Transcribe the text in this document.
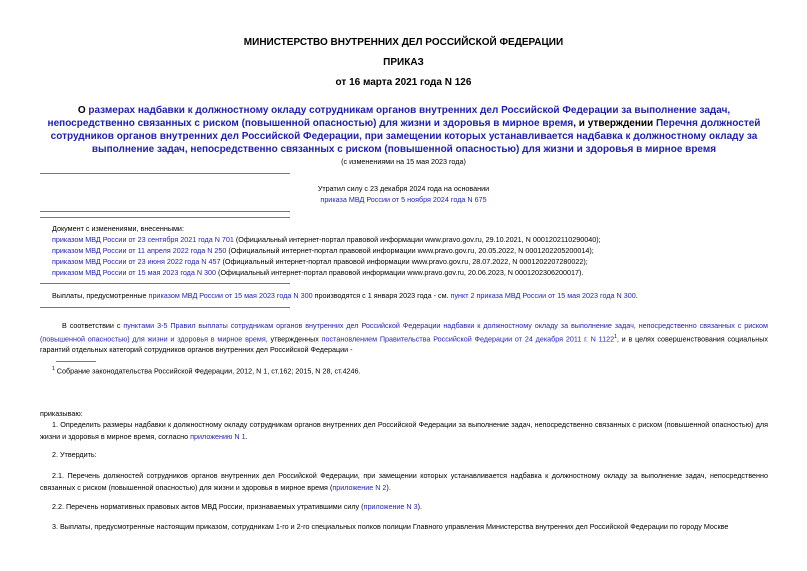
МИНИСТЕРСТВО ВНУТРЕННИХ ДЕЛ РОССИЙСКОЙ ФЕДЕРАЦИИ
ПРИКАЗ
от 16 марта 2021 года N 126
О размерах надбавки к должностному окладу сотрудникам органов внутренних дел Российской Федерации за выполнение задач, непосредственно связанных с риском (повышенной опасностью) для жизни и здоровья в мирное время, и утверждении Перечня должностей сотрудников органов внутренних дел Российской Федерации, при замещении которых устанавливается надбавка к должностному окладу за выполнение задач, непосредственно связанных с риском (повышенной опасностью) для жизни и здоровья в мирное время
(с изменениями на 15 мая 2023 года)
Утратил силу с 23 декабря 2024 года на основании
приказа МВД России от 5 ноября 2024 года N 675
Документ с изменениями, внесенными:
приказом МВД России от 23 сентября 2021 года N 701 (Официальный интернет-портал правовой информации www.pravo.gov.ru, 29.10.2021, N 0001202110290040);
приказом МВД России от 11 апреля 2022 года N 250 (Официальный интернет-портал правовой информации www.pravo.gov.ru, 20.05.2022, N 0001202205200014);
приказом МВД России от 23 июня 2022 года N 457 (Официальный интернет-портал правовой информации www.pravo.gov.ru, 28.07.2022, N 0001202207280022);
приказом МВД России от 15 мая 2023 года N 300 (Официальный интернет-портал правовой информации www.pravo.gov.ru, 20.06.2023, N 0001202306200017).
Выплаты, предусмотренные приказом МВД России от 15 мая 2023 года N 300 производятся с 1 января 2023 года - см. пункт 2 приказа МВД России от 15 мая 2023 года N 300.
В соответствии с пунктами 3-5 Правил выплаты сотрудникам органов внутренних дел Российской Федерации надбавки к должностному окладу за выполнение задач, непосредственно связанных с риском (повышенной опасностью) для жизни и здоровья в мирное время, утвержденных постановлением Правительства Российской Федерации от 24 декабря 2011 г. N 1122$^1$, и в целях совершенствования социальных гарантий отдельных категорий сотрудников органов внутренних дел Российской Федерации -
$^1$ Собрание законодательства Российской Федерации, 2012, N 1, ст.162; 2015, N 28, ст.4246.
приказываю:
1. Определить размеры надбавки к должностному окладу сотрудникам органов внутренних дел Российской Федерации за выполнение задач, непосредственно связанных с риском (повышенной опасностью) для жизни и здоровья в мирное время, согласно приложению N 1.
2. Утвердить:
2.1. Перечень должностей сотрудников органов внутренних дел Российской Федерации, при замещении которых устанавливается надбавка к должностному окладу за выполнение задач, непосредственно связанных с риском (повышенной опасностью) для жизни и здоровья в мирное время (приложение N 2).
2.2. Перечень нормативных правовых актов МВД России, признаваемых утратившими силу (приложение N 3).
3. Выплаты, предусмотренные настоящим приказом, сотрудникам 1-го и 2-го специальных полков полиции Главного управления Министерства внутренних дел Российской Федерации по городу Москве
